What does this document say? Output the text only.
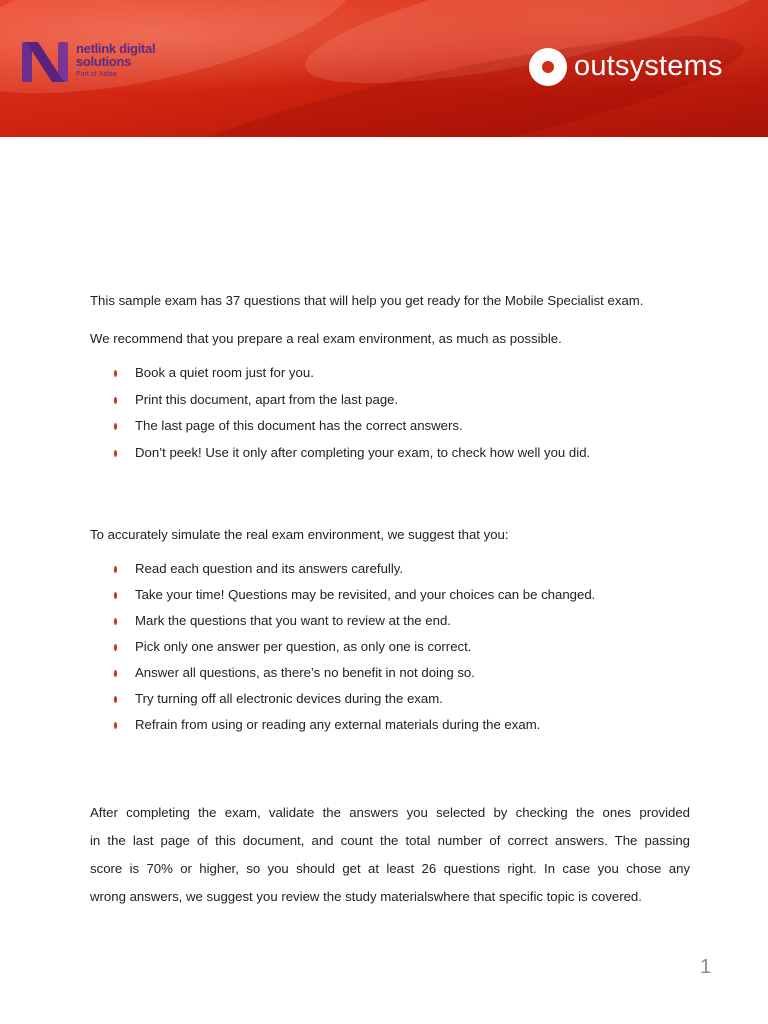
netlink digital
solutions
Part of Xebia	outsystems

This sample exam has 37 questions that will help you get ready for the Mobile Specialist exam.

We recommend that you prepare a real exam environment, as much as possible.

Book a quiet room just for you.
Print this document, apart from the last page.
The last page of this document has the correct answers.
Don’t peek! Use it only after completing your exam, to check how well you did.

To accurately simulate the real exam environment, we suggest that you:

Read each question and its answers carefully.
Take your time! Questions may be revisited, and your choices can be changed.
Mark the questions that you want to review at the end.
Pick only one answer per question, as only one is correct.
Answer all questions, as there’s no benefit in not doing so.
Try turning off all electronic devices during the exam.
Refrain from using or reading any external materials during the exam.
After completing the exam, validate the answers you selected by checking the ones provided
in the last page of this document, and count the total number of correct answers. The passing
score is 70% or higher, so you should get at least 26 questions right. In case you chose any
wrong answers, we suggest you review the study materialswhere that specific topic is covered.
1
